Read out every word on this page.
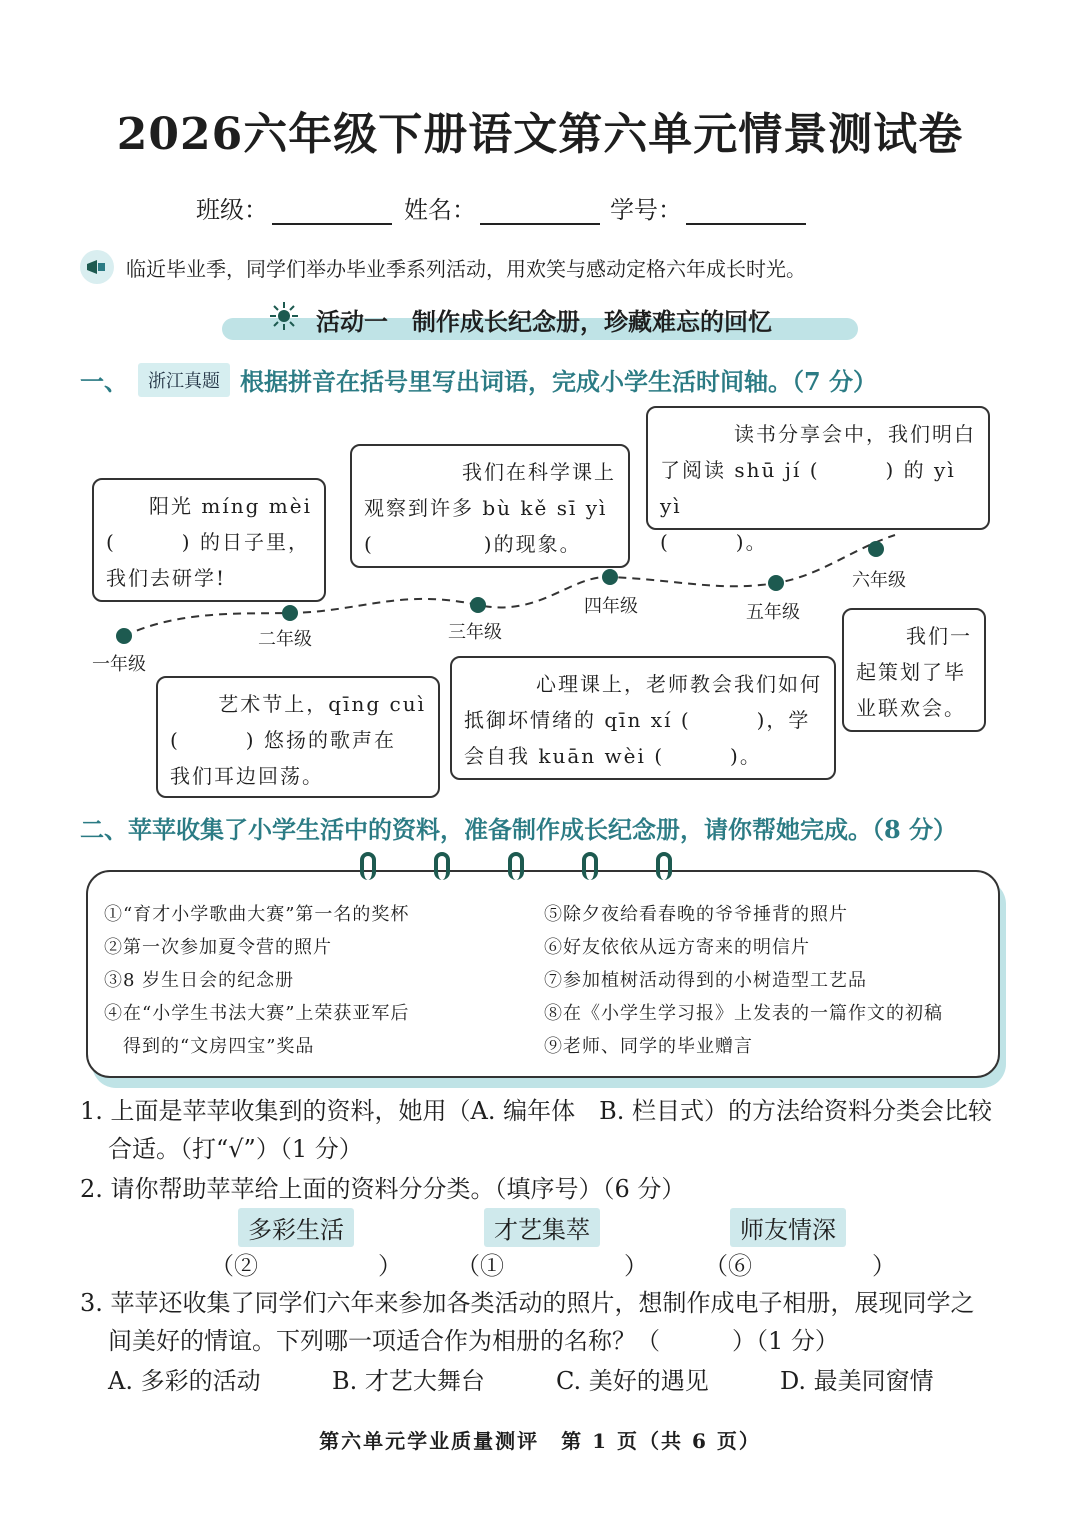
2026六年级下册语文第六单元情景测试卷
班级：	姓名：	学号：
临近毕业季，同学们举办毕业季系列活动，用欢笑与感动定格六年成长时光。
活动一　制作成长纪念册，珍藏难忘的回忆
一、	浙江真题 根据拼音在括号里写出词语，完成小学生活时间轴。（7 分）
一年级
二年级	三年级
四年级	五年级
六年级
阳光 míng mèi
(　　　) 的日子里，
我们去研学!
我们在科学课上
观察到许多 bù kě sī yì
(　　　　　)的现象。
读书分享会中，我们明白
了阅读 shū jí (　　　) 的 yì yì
(　　　)。
艺术节上，qīng cuì
(　　　) 悠扬的歌声在
我们耳边回荡。
心理课上，老师教会我们如何
抵御坏情绪的 qīn xí (　　　)，学
会自我 kuān wèi (　　　)。
我们一
起策划了毕
业联欢会。
二、 苹苹收集了小学生活中的资料，准备制作成长纪念册，请你帮她完成。（8 分）
①“育才小学歌曲大赛”第一名的奖杯
②第一次参加夏令营的照片
③8 岁生日会的纪念册
④在“小学生书法大赛”上荣获亚军后
　得到的“文房四宝”奖品
⑤除夕夜给看春晚的爷爷捶背的照片
⑥好友依依从远方寄来的明信片
⑦参加植树活动得到的小树造型工艺品
⑧在《小学生学习报》上发表的一篇作文的初稿
⑨老师、同学的毕业赠言
1. 上面是苹苹收集到的资料，她用（A. 编年体　B. 栏目式）的方法给资料分类会比较
合适。（打“√”）（1 分）
2. 请你帮助苹苹给上面的资料分分类。（填序号）（6 分）
多彩生活	才艺集萃	师友情深
（②　　　　　） （①　　　　　） （⑥　　　　　）
3. 苹苹还收集了同学们六年来参加各类活动的照片，想制作成电子相册，展现同学之
间美好的情谊。下列哪一项适合作为相册的名称？（　　　）（1 分）
A. 多彩的活动	B. 才艺大舞台	C. 美好的遇见	D. 最美同窗情
第六单元学业质量测评　第 1 页（共 6 页）
